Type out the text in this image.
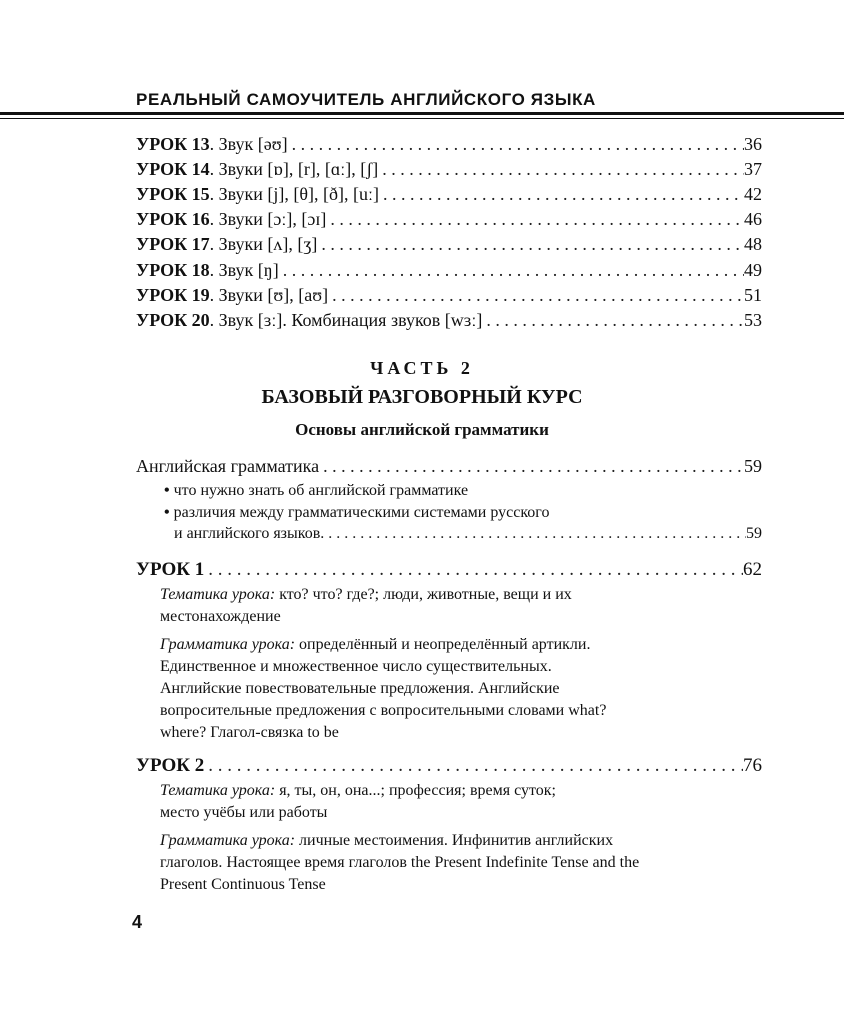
РЕАЛЬНЫЙ САМОУЧИТЕЛЬ АНГЛИЙСКОГО ЯЗЫКА
УРОК 13. Звук [əʊ] . . .	36
УРОК 14. Звуки [ɒ], [r], [ɑː], [ʃ] . . .	37
УРОК 15. Звуки [j], [θ], [ð], [uː] . . .	42
УРОК 16. Звуки [ɔː], [ɔɪ] . . .	46
УРОК 17. Звуки [ʌ], [ʒ] . . .	48
УРОК 18. Звук [ŋ] . . .	49
УРОК 19. Звуки [ʊ], [aʊ] . . .	51
УРОК 20. Звук [ɜː]. Комбинация звуков [wɜː] . . .	53
ЧАСТЬ 2
БАЗОВЫЙ РАЗГОВОРНЫЙ КУРС
Основы английской грамматики
Английская грамматика . . .	59
• что нужно знать об английской грамматике
• различия между грамматическими системами русского
и английского языков. . . .	59
УРОК 1 . . .	62
Тематика урока: кто? что? где?; люди, животные, вещи и их
местонахождение
Грамматика урока: определённый и неопределённый артикли.
Единственное и множественное число существительных.
Английские повествовательные предложения. Английские
вопросительные предложения с вопросительными словами what?
where? Глагол-связка to be
УРОК 2 . . .	76
Тематика урока: я, ты, он, она...; профессия; время суток;
место учёбы или работы
Грамматика урока: личные местоимения. Инфинитив английских
глаголов. Настоящее время глаголов the Present Indefinite Tense and the
Present Continuous Tense
4
